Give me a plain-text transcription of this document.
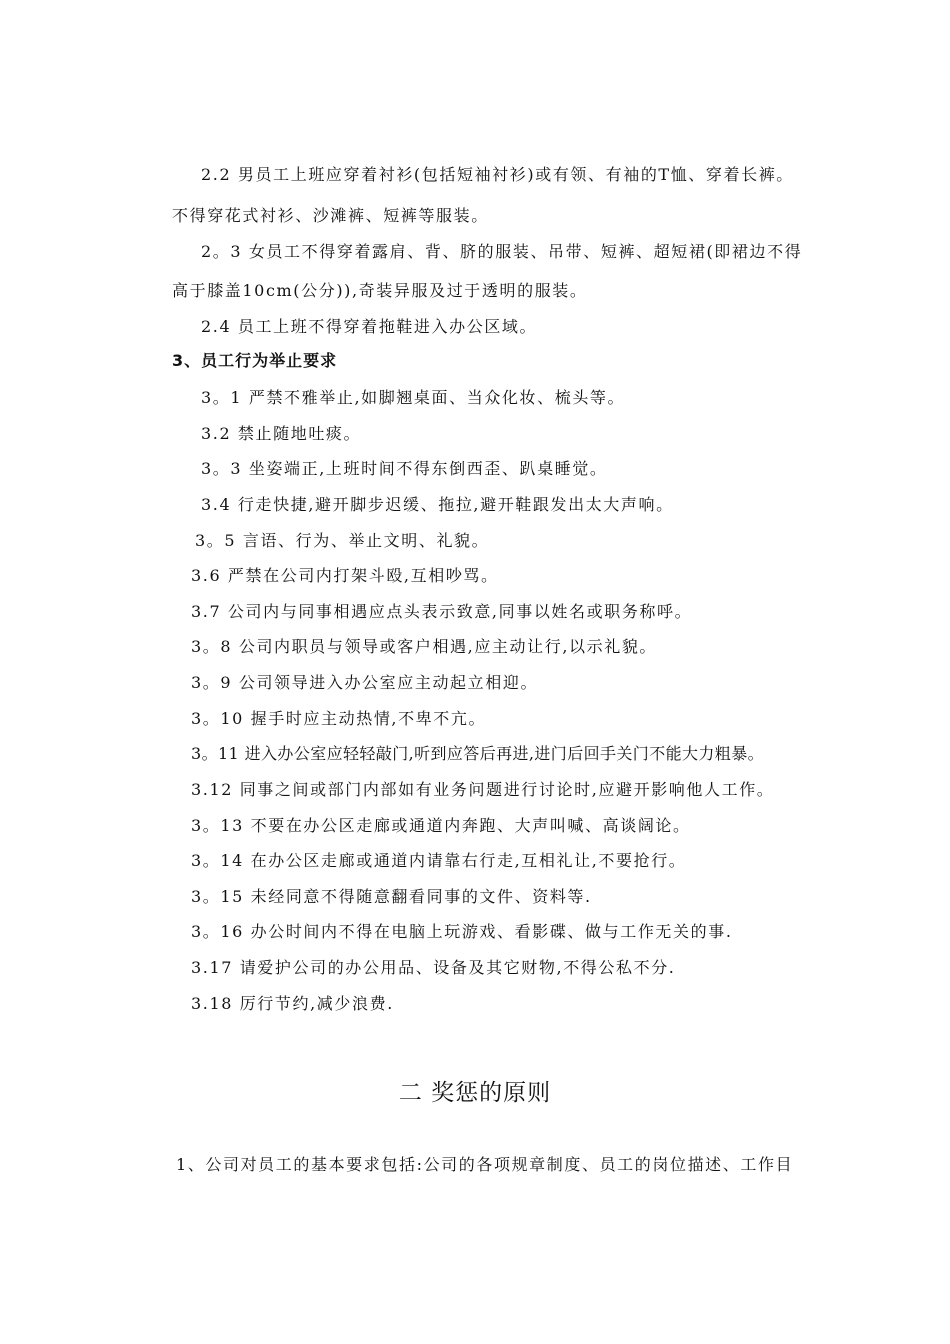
2.2 男员工上班应穿着衬衫(包括短袖衬衫)或有领、有袖的T恤、穿着长裤。
不得穿花式衬衫、沙滩裤、短裤等服装。
2。3 女员工不得穿着露肩、背、脐的服装、吊带、短裤、超短裙(即裙边不得
高于膝盖10cm(公分)),奇装异服及过于透明的服装。
2.4 员工上班不得穿着拖鞋进入办公区域。
3、员工行为举止要求
3。1 严禁不雅举止,如脚翘桌面、当众化妆、梳头等。
3.2 禁止随地吐痰。
3。3 坐姿端正,上班时间不得东倒西歪、趴桌睡觉。
3.4 行走快捷,避开脚步迟缓、拖拉,避开鞋跟发出太大声响。
3。5 言语、行为、举止文明、礼貌。
3.6 严禁在公司内打架斗殴,互相吵骂。
3.7 公司内与同事相遇应点头表示致意,同事以姓名或职务称呼。
3。8 公司内职员与领导或客户相遇,应主动让行,以示礼貌。
3。9 公司领导进入办公室应主动起立相迎。
3。10 握手时应主动热情,不卑不亢。
3。11 进入办公室应轻轻敲门,听到应答后再进,进门后回手关门不能大力粗暴。
3.12 同事之间或部门内部如有业务问题进行讨论时,应避开影响他人工作。
3。13 不要在办公区走廊或通道内奔跑、大声叫喊、高谈阔论。
3。14 在办公区走廊或通道内请靠右行走,互相礼让,不要抢行。
3。15 未经同意不得随意翻看同事的文件、资料等.
3。16 办公时间内不得在电脑上玩游戏、看影碟、做与工作无关的事.
3.17 请爱护公司的办公用品、设备及其它财物,不得公私不分.
3.18 厉行节约,减少浪费.
二 奖惩的原则
1、公司对员工的基本要求包括:公司的各项规章制度、员工的岗位描述、工作目
